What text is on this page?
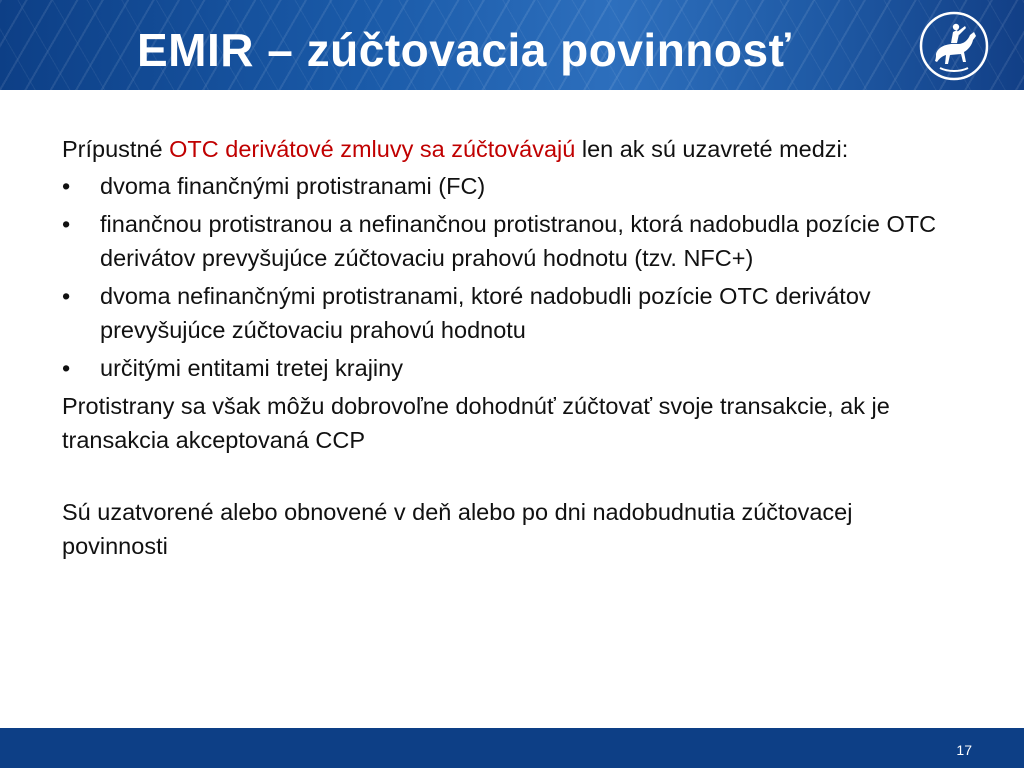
EMIR – zúčtovacia povinnosť

Prípustné OTC derivátové zmluvy sa zúčtovávajú len ak sú uzavreté medzi:

• dvoma finančnými protistranami (FC)
• finančnou protistranou a nefinančnou protistranou, ktorá nadobudla pozície OTC derivátov prevyšujúce zúčtovaciu prahovú hodnotu (tzv. NFC+)
• dvoma nefinančnými protistranami, ktoré nadobudli pozície OTC derivátov prevyšujúce zúčtovaciu prahovú hodnotu
• určitými entitami tretej krajiny

Protistrany sa však môžu dobrovoľne dohodnúť zúčtovať svoje transakcie, ak je transakcia akceptovaná CCP

Sú uzatvorené alebo obnovené v deň alebo po dni nadobudnutia zúčtovacej povinnosti

17
